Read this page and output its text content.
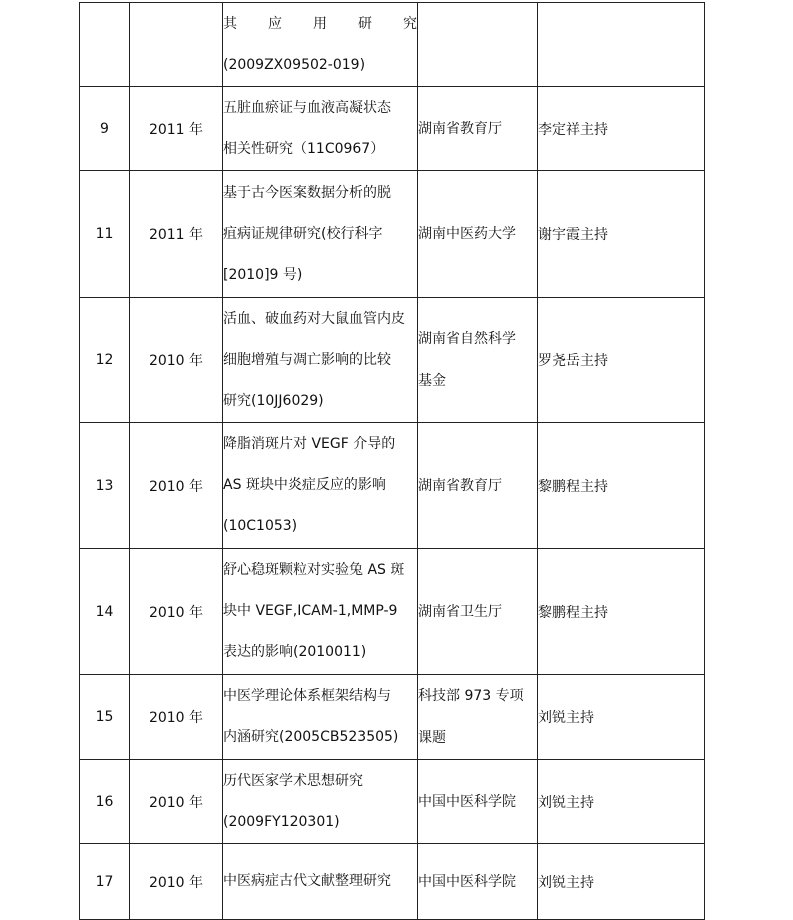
		其应用研究
(2009ZX09502-019)		

9	2011 年	五脏血瘀证与血液高凝状态
相关性研究（11C0967）	湖南省教育厅	李定祥主持
11	2011 年	基于古今医案数据分析的脱
疽病证规律研究(校行科字
[2010]9 号)	湖南中医药大学	谢宇霞主持
12	2010 年	活血、破血药对大鼠血管内皮
细胞增殖与凋亡影响的比较
研究(10JJ6029)	湖南省自然科学
基金	罗尧岳主持
13	2010 年	降脂消斑片对 VEGF 介导的
AS 斑块中炎症反应的影响
(10C1053)	湖南省教育厅	黎鹏程主持
14	2010 年	舒心稳斑颗粒对实验兔 AS 斑
块中 VEGF,ICAM-1,MMP-9
表达的影响(2010011)	湖南省卫生厅	黎鹏程主持
15	2010 年	中医学理论体系框架结构与
内涵研究(2005CB523505)	科技部 973 专项
课题	刘锐主持
16	2010 年	历代医家学术思想研究
(2009FY120301)	中国中医科学院	刘锐主持
17	2010 年	中医病症古代文献整理研究	中国中医科学院	刘锐主持
